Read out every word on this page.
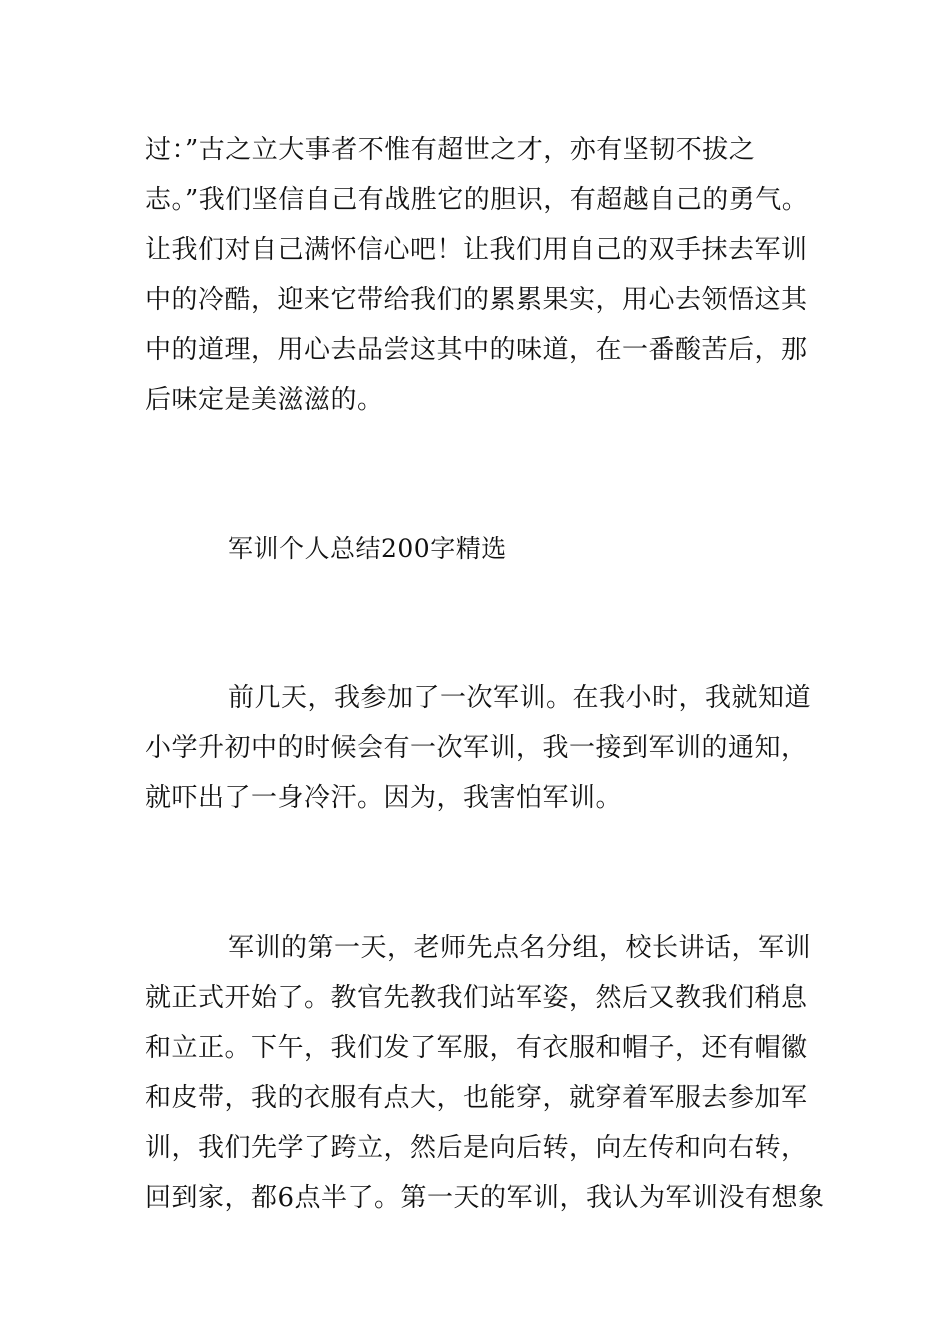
过：”古之立大事者不惟有超世之才，亦有坚韧不拔之
志。”我们坚信自己有战胜它的胆识，有超越自己的勇气。
让我们对自己满怀信心吧！让我们用自己的双手抹去军训
中的冷酷，迎来它带给我们的累累果实，用心去领悟这其
中的道理，用心去品尝这其中的味道，在一番酸苦后，那
后味定是美滋滋的。
军训个人总结200字精选
前几天，我参加了一次军训。在我小时，我就知道
小学升初中的时候会有一次军训，我一接到军训的通知，
就吓出了一身冷汗。因为，我害怕军训。
军训的第一天，老师先点名分组，校长讲话，军训
就正式开始了。教官先教我们站军姿，然后又教我们稍息
和立正。下午，我们发了军服，有衣服和帽子，还有帽徽
和皮带，我的衣服有点大，也能穿，就穿着军服去参加军
训，我们先学了跨立，然后是向后转，向左传和向右转，
回到家，都6点半了。第一天的军训，我认为军训没有想象
